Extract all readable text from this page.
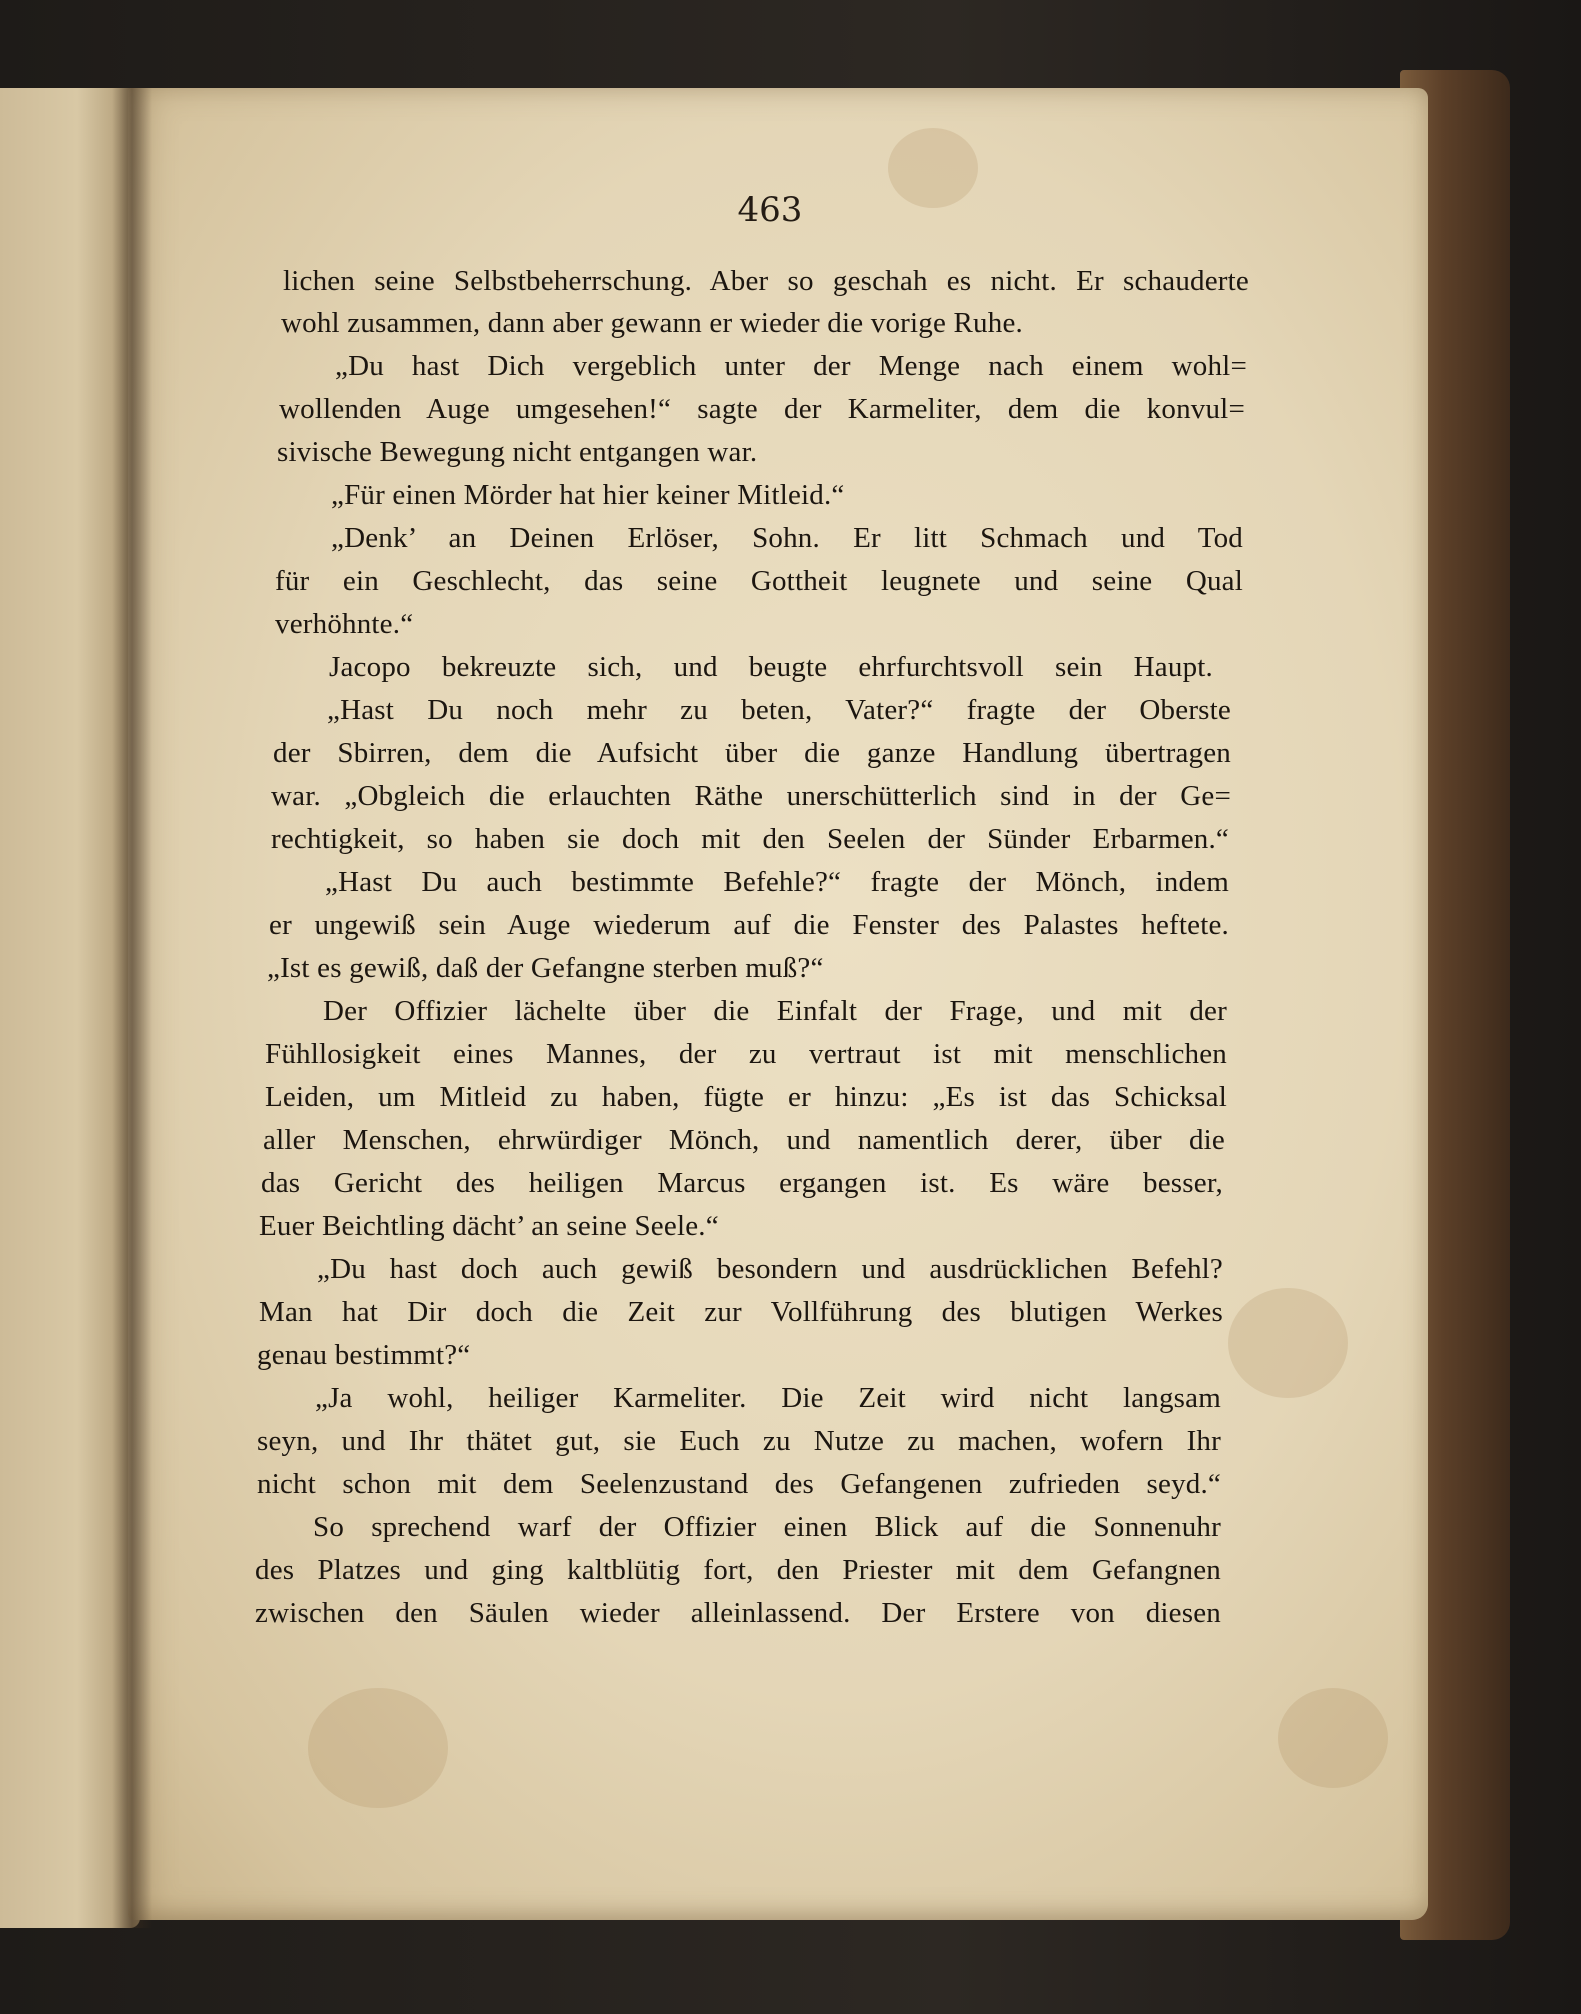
463
lichen seine Selbstbeherrschung. Aber so geschah es nicht. Er schauderte
wohl zusammen, dann aber gewann er wieder die vorige Ruhe.
„Du hast Dich vergeblich unter der Menge nach einem wohl=
wollenden Auge umgesehen!“ sagte der Karmeliter, dem die konvul=
sivische Bewegung nicht entgangen war.
„Für einen Mörder hat hier keiner Mitleid.“
„Denk’ an Deinen Erlöser, Sohn. Er litt Schmach und Tod
für ein Geschlecht, das seine Gottheit leugnete und seine Qual
verhöhnte.“
Jacopo bekreuzte sich, und beugte ehrfurchtsvoll sein Haupt.
„Hast Du noch mehr zu beten, Vater?“ fragte der Oberste
der Sbirren, dem die Aufsicht über die ganze Handlung übertragen
war. „Obgleich die erlauchten Räthe unerschütterlich sind in der Ge=
rechtigkeit, so haben sie doch mit den Seelen der Sünder Erbarmen.“
„Hast Du auch bestimmte Befehle?“ fragte der Mönch, indem
er ungewiß sein Auge wiederum auf die Fenster des Palastes heftete.
„Ist es gewiß, daß der Gefangne sterben muß?“
Der Offizier lächelte über die Einfalt der Frage, und mit der
Fühllosigkeit eines Mannes, der zu vertraut ist mit menschlichen
Leiden, um Mitleid zu haben, fügte er hinzu: „Es ist das Schicksal
aller Menschen, ehrwürdiger Mönch, und namentlich derer, über die
das Gericht des heiligen Marcus ergangen ist. Es wäre besser,
Euer Beichtling dächt’ an seine Seele.“
„Du hast doch auch gewiß besondern und ausdrücklichen Befehl?
Man hat Dir doch die Zeit zur Vollführung des blutigen Werkes
genau bestimmt?“
„Ja wohl, heiliger Karmeliter. Die Zeit wird nicht langsam
seyn, und Ihr thätet gut, sie Euch zu Nutze zu machen, wofern Ihr
nicht schon mit dem Seelenzustand des Gefangenen zufrieden seyd.“
So sprechend warf der Offizier einen Blick auf die Sonnenuhr
des Platzes und ging kaltblütig fort, den Priester mit dem Gefangnen
zwischen den Säulen wieder alleinlassend. Der Erstere von diesen
